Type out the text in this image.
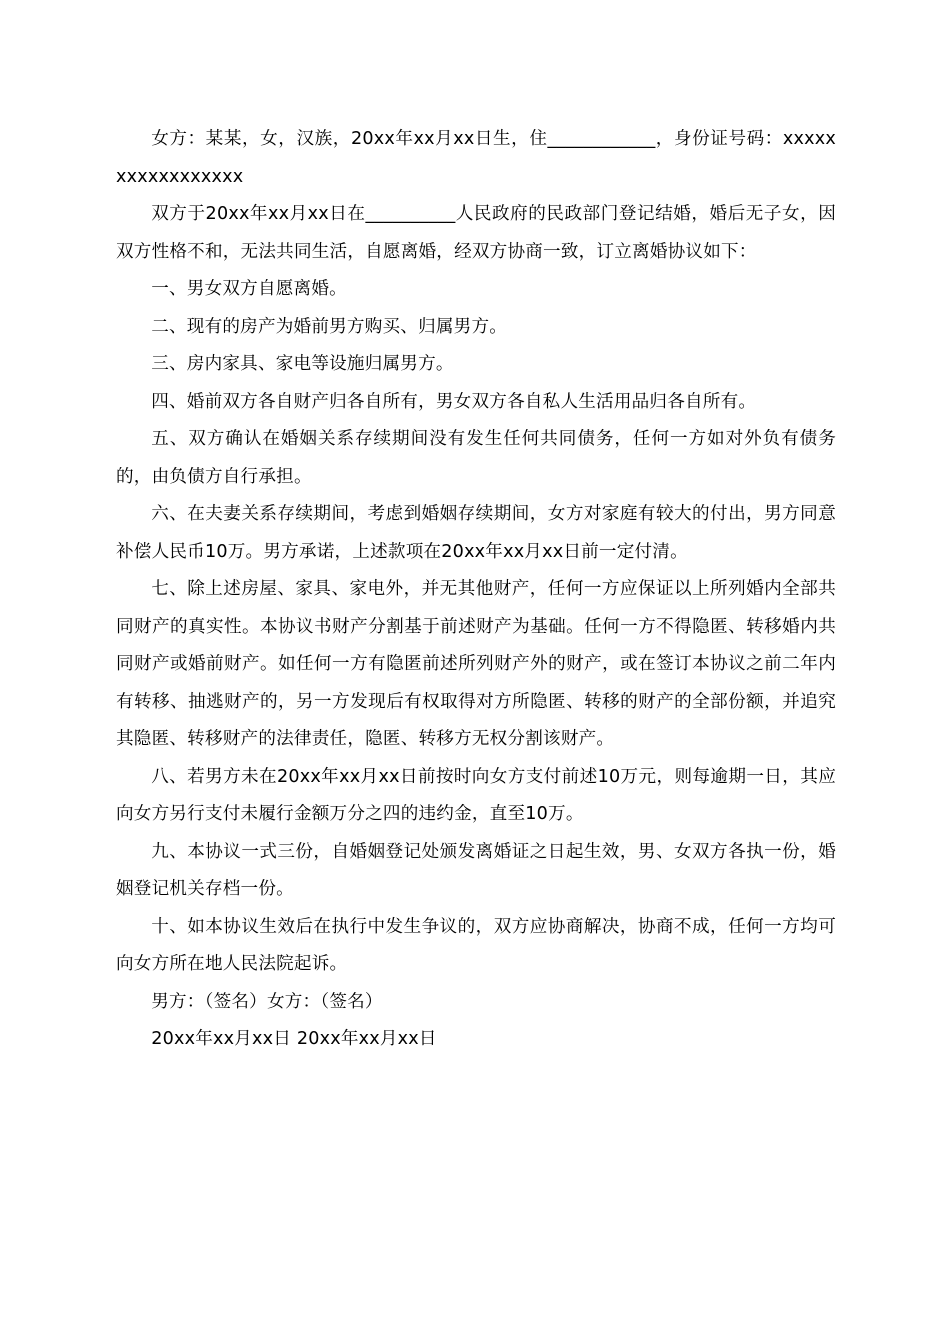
女方：某某，女，汉族，20xx年xx月xx日生，住____________，身份证号码：xxxxxxxxxxxxxxxxx

双方于20xx年xx月xx日在__________人民政府的民政部门登记结婚，婚后无子女，因双方性格不和，无法共同生活，自愿离婚，经双方协商一致，订立离婚协议如下：

一、男女双方自愿离婚。

二、现有的房产为婚前男方购买、归属男方。

三、房内家具、家电等设施归属男方。

四、婚前双方各自财产归各自所有，男女双方各自私人生活用品归各自所有。

五、双方确认在婚姻关系存续期间没有发生任何共同债务，任何一方如对外负有债务的，由负债方自行承担。

六、在夫妻关系存续期间，考虑到婚姻存续期间，女方对家庭有较大的付出，男方同意补偿人民币10万。男方承诺，上述款项在20xx年xx月xx日前一定付清。

七、除上述房屋、家具、家电外，并无其他财产，任何一方应保证以上所列婚内全部共同财产的真实性。本协议书财产分割基于前述财产为基础。任何一方不得隐匿、转移婚内共同财产或婚前财产。如任何一方有隐匿前述所列财产外的财产，或在签订本协议之前二年内有转移、抽逃财产的，另一方发现后有权取得对方所隐匿、转移的财产的全部份额，并追究其隐匿、转移财产的法律责任，隐匿、转移方无权分割该财产。

八、若男方未在20xx年xx月xx日前按时向女方支付前述10万元，则每逾期一日，其应向女方另行支付未履行金额万分之四的违约金，直至10万。

九、本协议一式三份，自婚姻登记处颁发离婚证之日起生效，男、女双方各执一份，婚姻登记机关存档一份。

十、如本协议生效后在执行中发生争议的，双方应协商解决，协商不成，任何一方均可向女方所在地人民法院起诉。

男方：（签名）女方：（签名）

20xx年xx月xx日 20xx年xx月xx日
